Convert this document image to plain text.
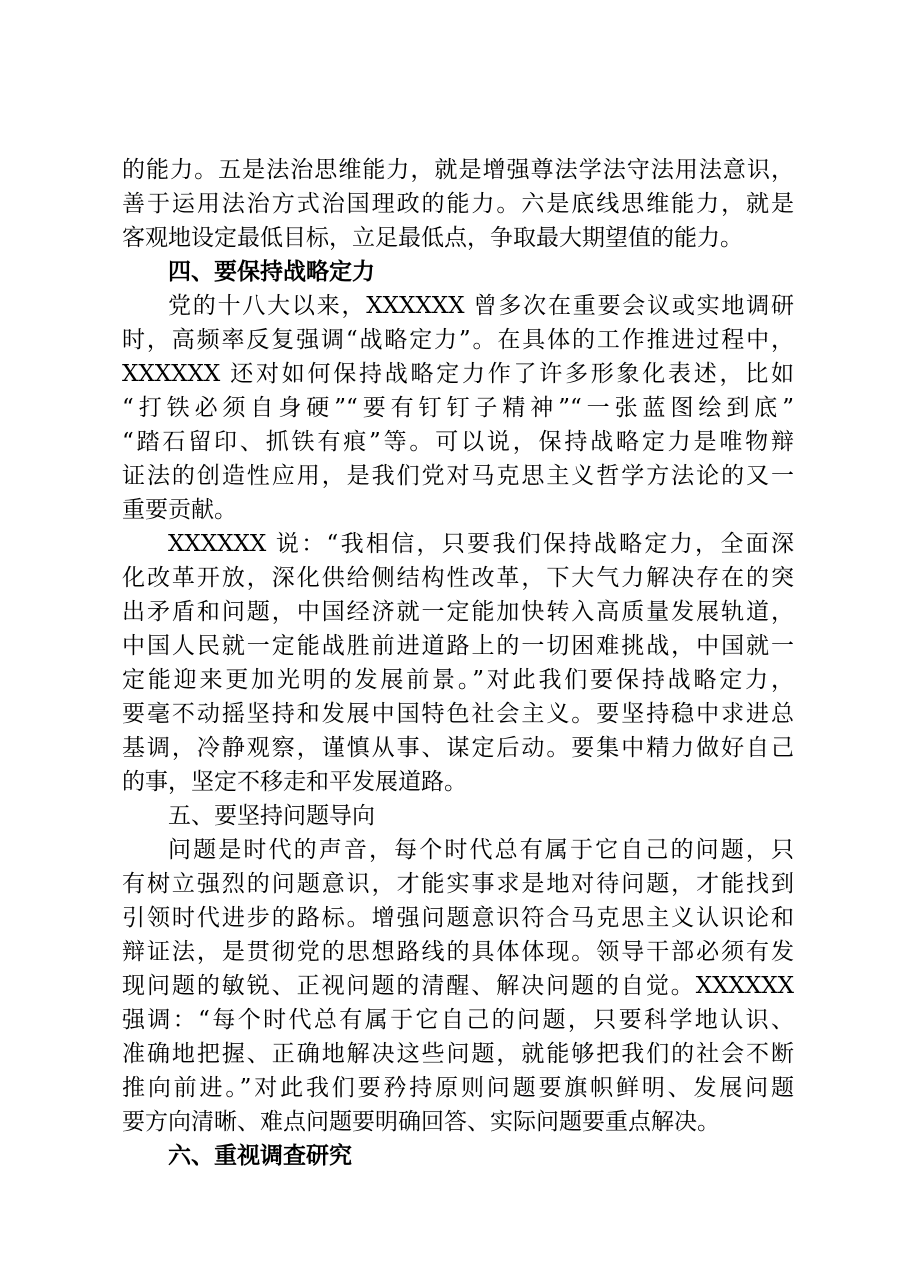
的能力。五是法治思维能力，就是增强尊法学法守法用法意识，
善于运用法治方式治国理政的能力。六是底线思维能力，就是
客观地设定最低目标，立足最低点，争取最大期望值的能力。
四、要保持战略定力
党的十八大以来，XXXXXX 曾多次在重要会议或实地调研
时，高频率反复强调“战略定力”。在具体的工作推进过程中，
XXXXXX 还对如何保持战略定力作了许多形象化表述，比如
“打铁必须自身硬”“要有钉钉子精神”“一张蓝图绘到底”
“踏石留印、抓铁有痕”等。可以说，保持战略定力是唯物辩
证法的创造性应用，是我们党对马克思主义哲学方法论的又一
重要贡献。
XXXXXX 说：“我相信，只要我们保持战略定力，全面深
化改革开放，深化供给侧结构性改革，下大气力解决存在的突
出矛盾和问题，中国经济就一定能加快转入高质量发展轨道，
中国人民就一定能战胜前进道路上的一切困难挑战，中国就一
定能迎来更加光明的发展前景。”对此我们要保持战略定力，
要毫不动摇坚持和发展中国特色社会主义。要坚持稳中求进总
基调，冷静观察，谨慎从事、谋定后动。要集中精力做好自己
的事，坚定不移走和平发展道路。
五、要坚持问题导向
问题是时代的声音，每个时代总有属于它自己的问题，只
有树立强烈的问题意识，才能实事求是地对待问题，才能找到
引领时代进步的路标。增强问题意识符合马克思主义认识论和
辩证法，是贯彻党的思想路线的具体体现。领导干部必须有发
现问题的敏锐、正视问题的清醒、解决问题的自觉。XXXXXX
强调：“每个时代总有属于它自己的问题，只要科学地认识、
准确地把握、正确地解决这些问题，就能够把我们的社会不断
推向前进。”对此我们要矜持原则问题要旗帜鲜明、发展问题
要方向清晰、难点问题要明确回答、实际问题要重点解决。
六、重视调查研究
